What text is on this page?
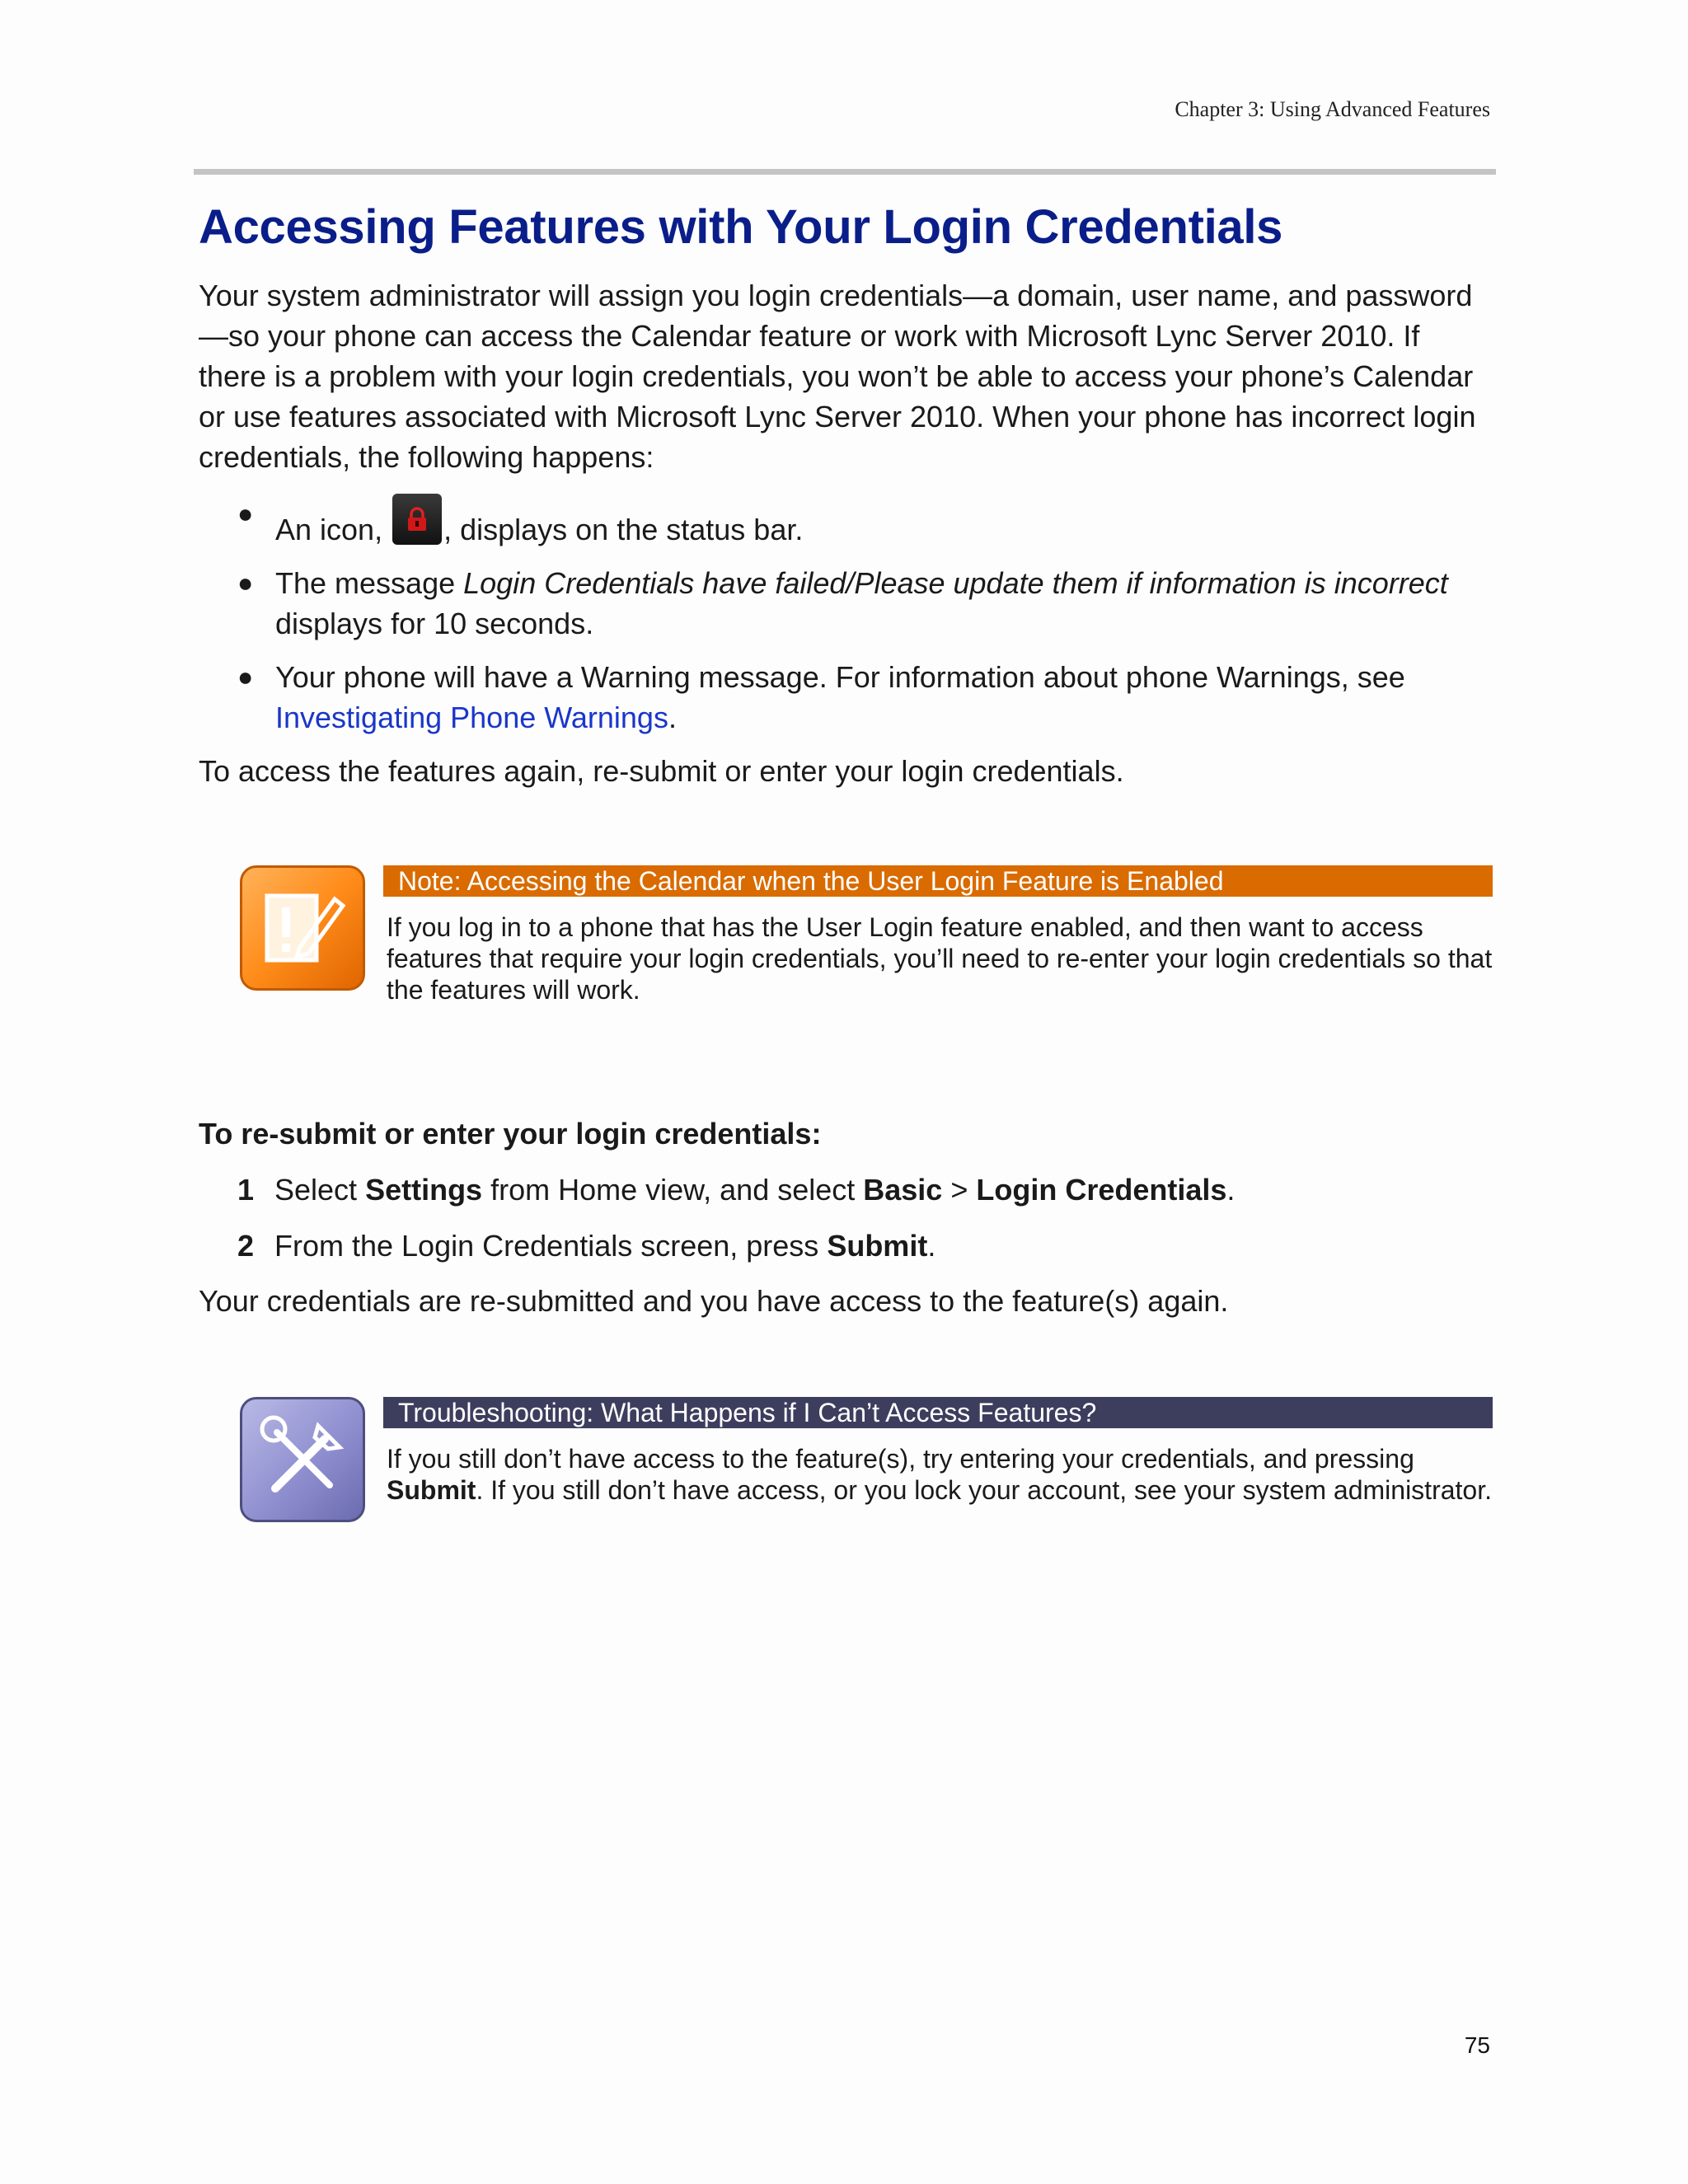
Chapter 3: Using Advanced Features
Accessing Features with Your Login Credentials

Your system administrator will assign you login credentials—a domain, user name, and password—so your phone can access the Calendar feature or work with Microsoft Lync Server 2010. If there is a problem with your login credentials, you won’t be able to access your phone’s Calendar or use features associated with Microsoft Lync Server 2010. When your phone has incorrect login credentials, the following happens:

● An icon,
, displays on the status bar.
● The message Login Credentials have failed/Please update them if information is incorrect displays for 10 seconds.
● Your phone will have a Warning message. For information about phone Warnings, see Investigating Phone Warnings.

To access the features again, re-submit or enter your login credentials.

Note: Accessing the Calendar when the User Login Feature is Enabled
If you log in to a phone that has the User Login feature enabled, and then want to access features that require your login credentials, you’ll need to re-enter your login credentials so that the features will work.
To re-submit or enter your login credentials:
1 Select Settings from Home view, and select Basic > Login Credentials.
2 From the Login Credentials screen, press Submit.

Your credentials are re-submitted and you have access to the feature(s) again.

Troubleshooting: What Happens if I Can’t Access Features?
If you still don’t have access to the feature(s), try entering your credentials, and pressing Submit. If you still don’t have access, or you lock your account, see your system administrator.
75
